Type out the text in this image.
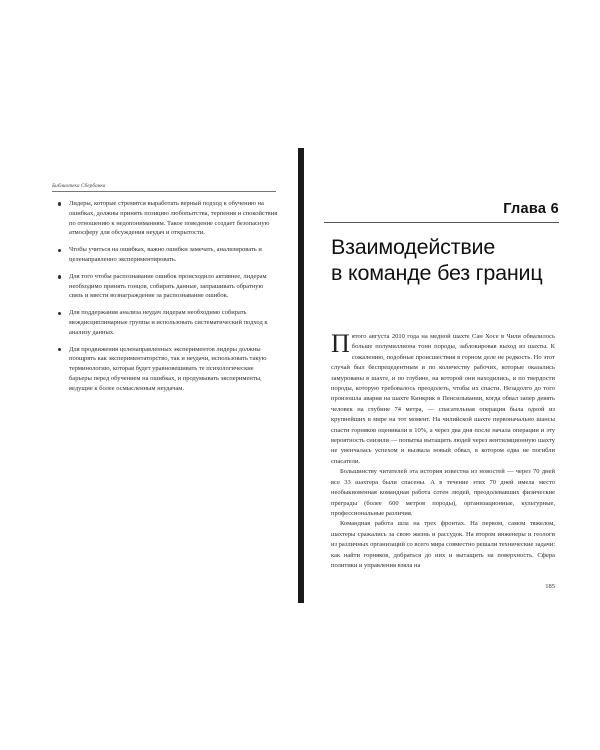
Библиотека Сбербанка
Лидеры, которые стремятся выработать верный подход к обучению на ошибках, должны принять позицию любопытства, терпения и спокойствия по отношению к недопониманиям. Такое поведение создает безопасную атмосферу для обсуждения неудач и открытости.
Чтобы учиться на ошибках, важно ошибки замечать, анализировать и целенаправленно экспериментировать.
Для того чтобы распознавание ошибок происходило активнее, лидерам необходимо принять гонцов, собирать данные, запрашивать обратную связь и ввести вознаграждение за распознавание ошибок.
Для поддержания анализа неудач лидерам необходимо собирать междисциплинарные группы и использовать систематический подход к анализу данных.
Для продвижения целенаправленных экспериментов лидеры должны поощрять как экспериментаторство, так и неудачи, использовать такую терминологию, которая будет уравновешивать те психологические барьеры перед обучением на ошибках, и продумывать эксперименты, ведущие к более осмысленным неудачам.
Глава 6
Взаимодействие
в команде без границ

Пятого августа 2010 года на медной шахте Сан Хосе в Чили обвалилось больше полумиллиона тонн породы, заблокировав выход из шахты. К сожалению, подобные происшествия в горном деле не редкость. Но этот случай был беспрецедентным и по количеству рабочих, которые оказались замурованы в шахте, и по глубине, на которой они находились, и по твердости породы, которую требовалось преодолеть, чтобы их спасти. Незадолго до того произошла авария на шахте Кинкрик в Пенсильвании, когда обвал запер девять человек на глубине 74 метра, — спасательная операция была одной из крупнейших в мире на тот момент. На чилийской шахте первоначально шансы спасти горняков оценивали в 10%, а через два дня после начала операции и эту вероятность снизили — попытка вытащить людей через вентиляционную шахту не увенчалась успехом и вызвала новый обвал, в котором едва не погибли спасатели.

Большинству читателей эта история известна из новостей — через 70 дней все 33 шахтера были спасены. А в течение этих 70 дней имела место необыкновенная командная работа сотен людей, преодолевавших физические преграды (более 600 метров породы), организационные, культурные, профессиональные различия.

Командная работа шла на трех фронтах. На первом, самом тяжелом, шахтеры сражались за свою жизнь и рассудок. На втором инженеры и геологи из различных организаций со всего мира совместно решали технические задачи: как найти горняков, добраться до них и вытащить на поверхность. Сфера политики и управления взяла на

185
